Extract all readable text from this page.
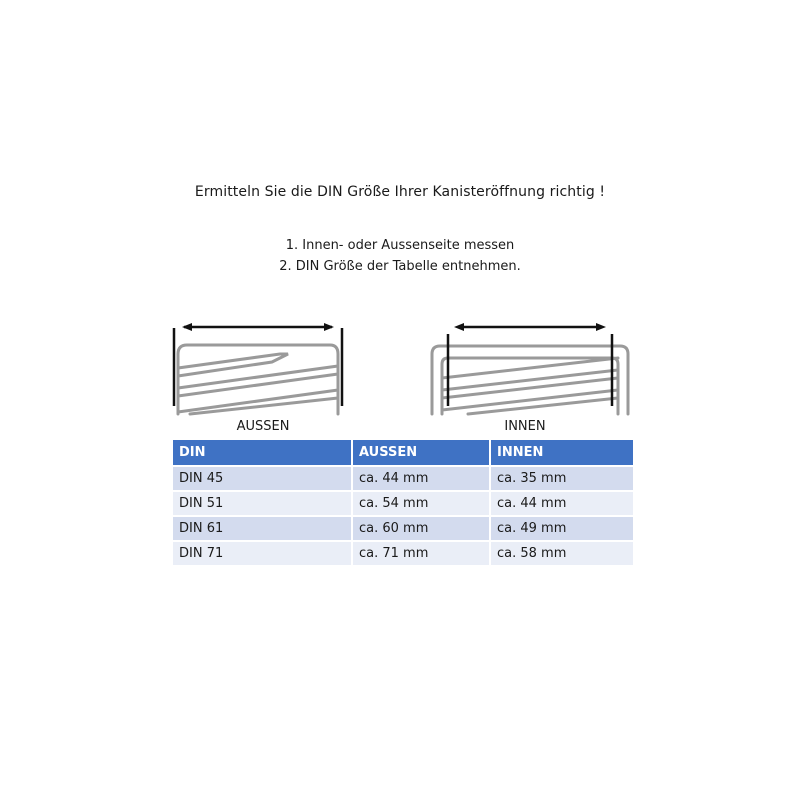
Ermitteln Sie die DIN Größe Ihrer Kanisteröffnung richtig !
1. Innen- oder Aussenseite messen
2. DIN Größe der Tabelle entnehmen.
AUSSEN	INNEN
DIN	AUSSEN	INNEN
DIN 45	ca. 44 mm	ca. 35 mm
DIN 51	ca. 54 mm	ca. 44 mm
DIN 61	ca. 60 mm	ca. 49 mm
DIN 71	ca. 71 mm	ca. 58 mm
